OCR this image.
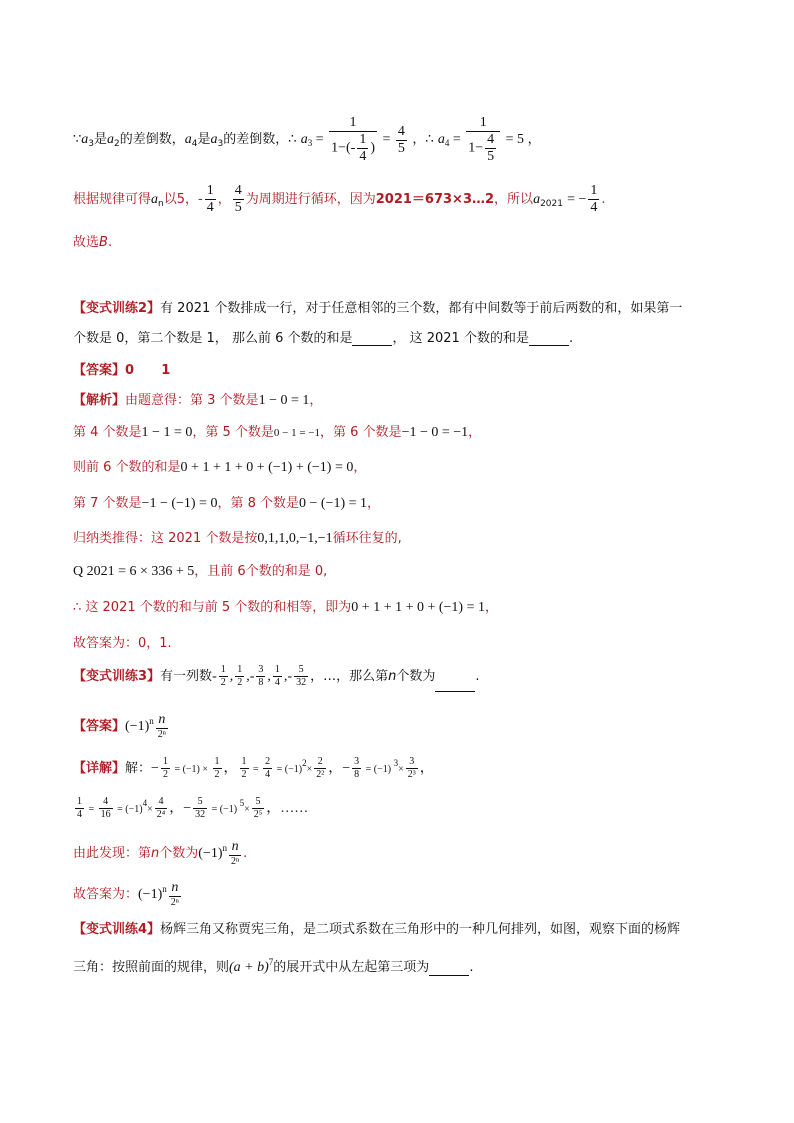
$\because a_3$是$a_2$的差倒数，$a_4$是$a_3$的差倒数，∴ $a_3 = \frac{1}{1-(- \frac{1}{4} )} = \frac{4}{5}$ ，∴ $a_4 = \frac{1}{1- \frac{4}{5}} = 5$ ，
根据规律可得$a_n$以5，- $\frac{1}{4}$ ， $\frac{4}{5}$ 为周期进行循环，因为2021＝673×3…2，所以$a_{2021}$ = − $\frac{1}{4}$ .
故选B.
【变式训练2】有 2021 个数排成一行，对于任意相邻的三个数，都有中间数等于前后两数的和，如果第一
个数是 0，第二个数是 1， 那么前 6 个数的和是	， 这 2021 个数的和是	.
【答案】0      1
【解析】由题意得：第 3 个数是1 − 0 = 1，
第 4 个数是1 − 1 = 0，第 5 个数是0 − 1 = −1，第 6 个数是−1 − 0 = −1，
则前 6 个数的和是0 + 1 + 1 + 0 + (−1) + (−1) = 0，
第 7 个数是−1 − (−1) = 0，第 8 个数是0 − (−1) = 1，
归纳类推得：这 2021 个数是按0,1,1,0,−1,−1循环往复的,
Q 2021 = 6 × 336 + 5，且前 6个数的和是 0,
∴ 这 2021 个数的和与前 5 个数的和相等，即为0 + 1 + 1 + 0 + (−1) = 1，
故答案为：0，1.
【变式训练3】有一列数- $\frac{1}{2}$ , $\frac{1}{2}$ ,- $\frac{3}{8}$ , $\frac{1}{4}$ ,- $\frac{5}{32}$ ，…，那么第n个数为	.
【答案】$(-1)^n \frac{n}{\text{2ⁿ}}$
【详解】解：− $\frac{1}{2} = (-1) \times \frac{1}{2}$ ， $\frac{1}{2} = \frac{2}{4} = (-1)^2\times \frac{2}{\text{2²}}$ ，− $\frac{3}{8} = (-1)$ $^3\times \frac{3}{\text{2³}}$ ，
$\frac{1}{4} = \frac{4}{16} = (-1)^4\times \frac{4}{\text{2⁴}}$ ，− $\frac{5}{32} = (-1)$ $^5\times \frac{5}{\text{2⁵}}$ ，……
由此发现：第n个数为$(-1)^n \frac{n}{\text{2ⁿ}}$ .
故答案为：$(-1)^n \frac{n}{\text{2ⁿ}}$
【变式训练4】杨辉三角又称贾宪三角，是二项式系数在三角形中的一种几何排列，如图，观察下面的杨辉
三角：按照前面的规律，则$(a + b)^7$的展开式中从左起第三项为	.
